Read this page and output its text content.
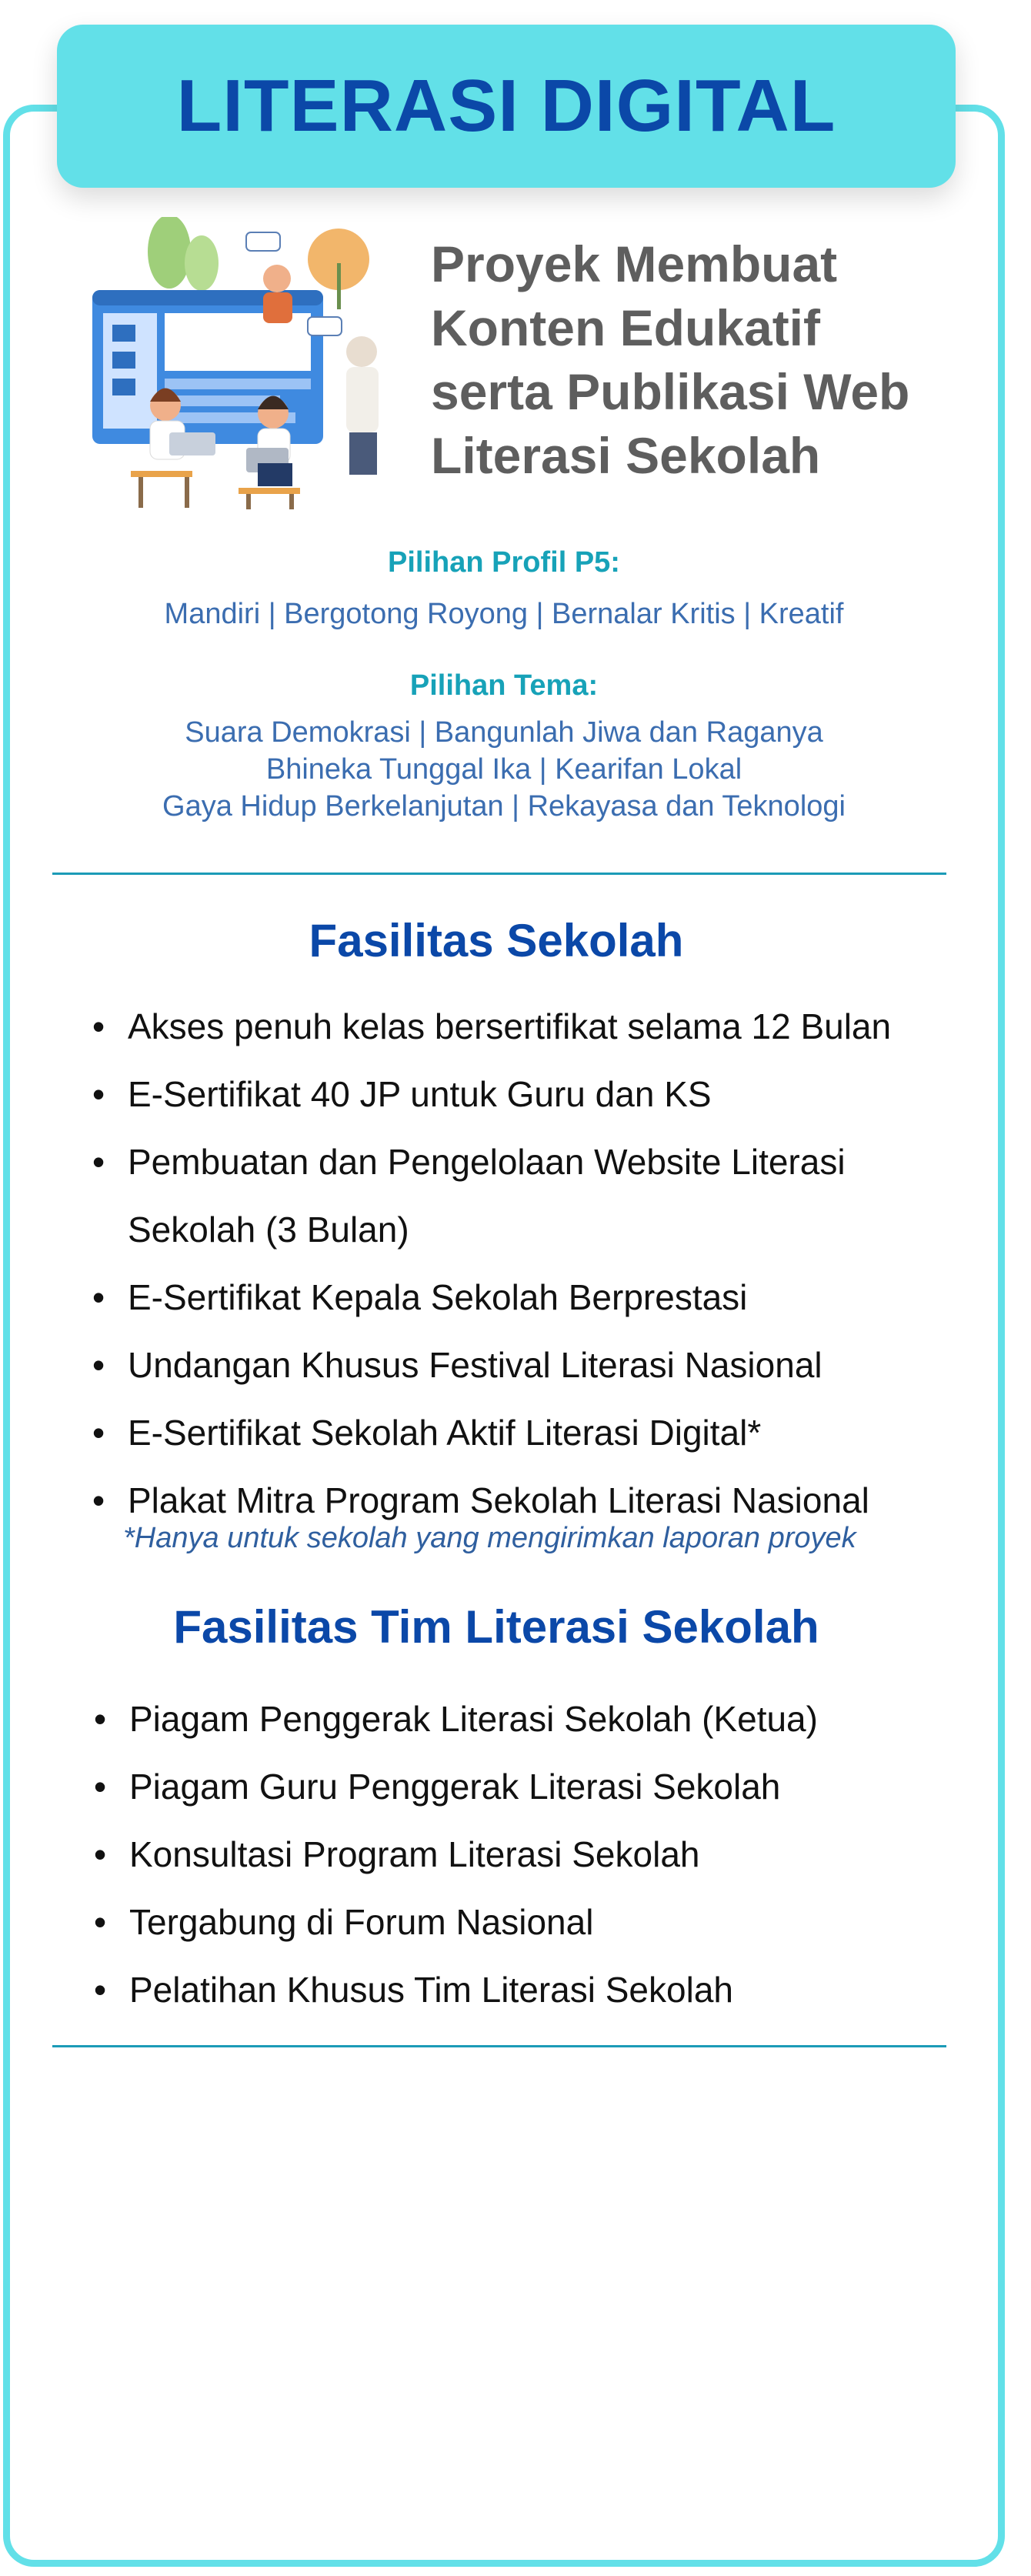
LITERASI DIGITAL
Proyek Membuat
Konten Edukatif
serta Publikasi Web
Literasi Sekolah
Pilihan Profil P5:
Mandiri | Bergotong Royong | Bernalar Kritis | Kreatif
Pilihan Tema:
Suara Demokrasi | Bangunlah Jiwa dan Raganya
Bhineka Tunggal Ika | Kearifan Lokal
Gaya Hidup Berkelanjutan | Rekayasa dan Teknologi
Fasilitas Sekolah
• Akses penuh kelas bersertifikat selama 12 Bulan
• E-Sertifikat 40 JP untuk Guru dan KS
• Pembuatan dan Pengelolaan Website Literasi Sekolah (3 Bulan)
• E-Sertifikat Kepala Sekolah Berprestasi
• Undangan Khusus Festival Literasi Nasional
• E-Sertifikat Sekolah Aktif Literasi Digital*
• Plakat Mitra Program Sekolah Literasi Nasional
*Hanya untuk sekolah yang mengirimkan laporan proyek
Fasilitas Tim Literasi Sekolah
• Piagam Penggerak Literasi Sekolah (Ketua)
• Piagam Guru Penggerak Literasi Sekolah
• Konsultasi Program Literasi Sekolah
• Tergabung di Forum Nasional
• Pelatihan Khusus Tim Literasi Sekolah
